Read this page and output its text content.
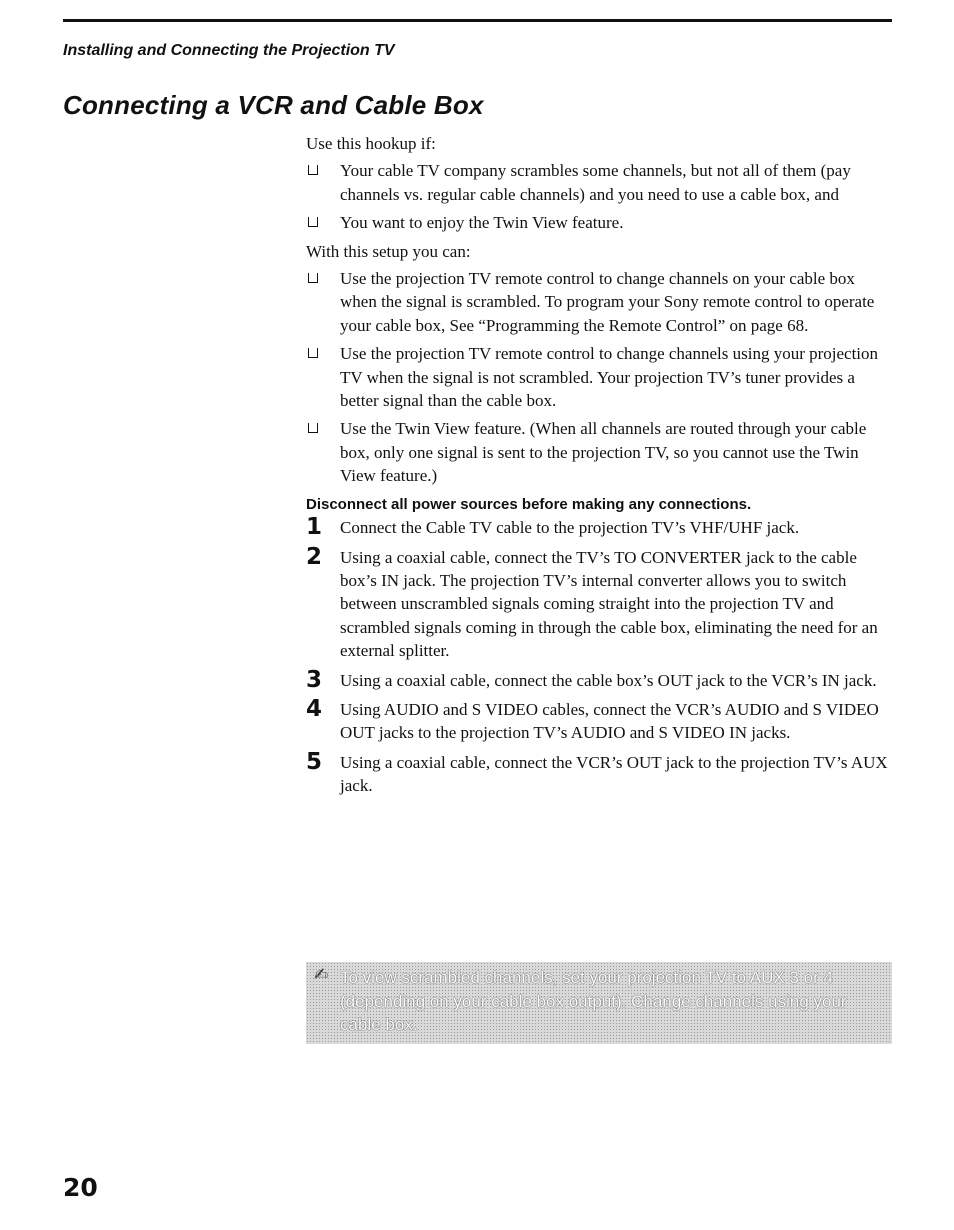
Installing and Connecting the Projection TV
Connecting a VCR and Cable Box

Use this hookup if:

Your cable TV company scrambles some channels, but not all of them (pay channels vs. regular cable channels) and you need to use a cable box, and
You want to enjoy the Twin View feature.

With this setup you can:

Use the projection TV remote control to change channels on your cable box when the signal is scrambled. To program your Sony remote control to operate your cable box, See “Programming the Remote Control” on page 68.
Use the projection TV remote control to change channels using your projection TV when the signal is not scrambled. Your projection TV’s tuner provides a better signal than the cable box.
Use the Twin View feature. (When all channels are routed through your cable box, only one signal is sent to the projection TV, so you cannot use the Twin View feature.)

Disconnect all power sources before making any connections.

1 Connect the Cable TV cable to the projection TV’s VHF/UHF jack.
2 Using a coaxial cable, connect the TV’s TO CONVERTER jack to the cable box’s IN jack. The projection TV’s internal converter allows you to switch between unscrambled signals coming straight into the projection TV and scrambled signals coming in through the cable box, eliminating the need for an external splitter.
3 Using a coaxial cable, connect the cable box’s OUT jack to the VCR’s IN jack.
4 Using AUDIO and S VIDEO cables, connect the VCR’s AUDIO and S VIDEO OUT jacks to the projection TV’s AUDIO and S VIDEO IN jacks.
5 Using a coaxial cable, connect the VCR’s OUT jack to the projection TV’s AUX jack.
✍ To view scrambled channels, set your projection TV to AUX 3 or 4 (depending on your cable box output). Change channels using your cable box.
20
